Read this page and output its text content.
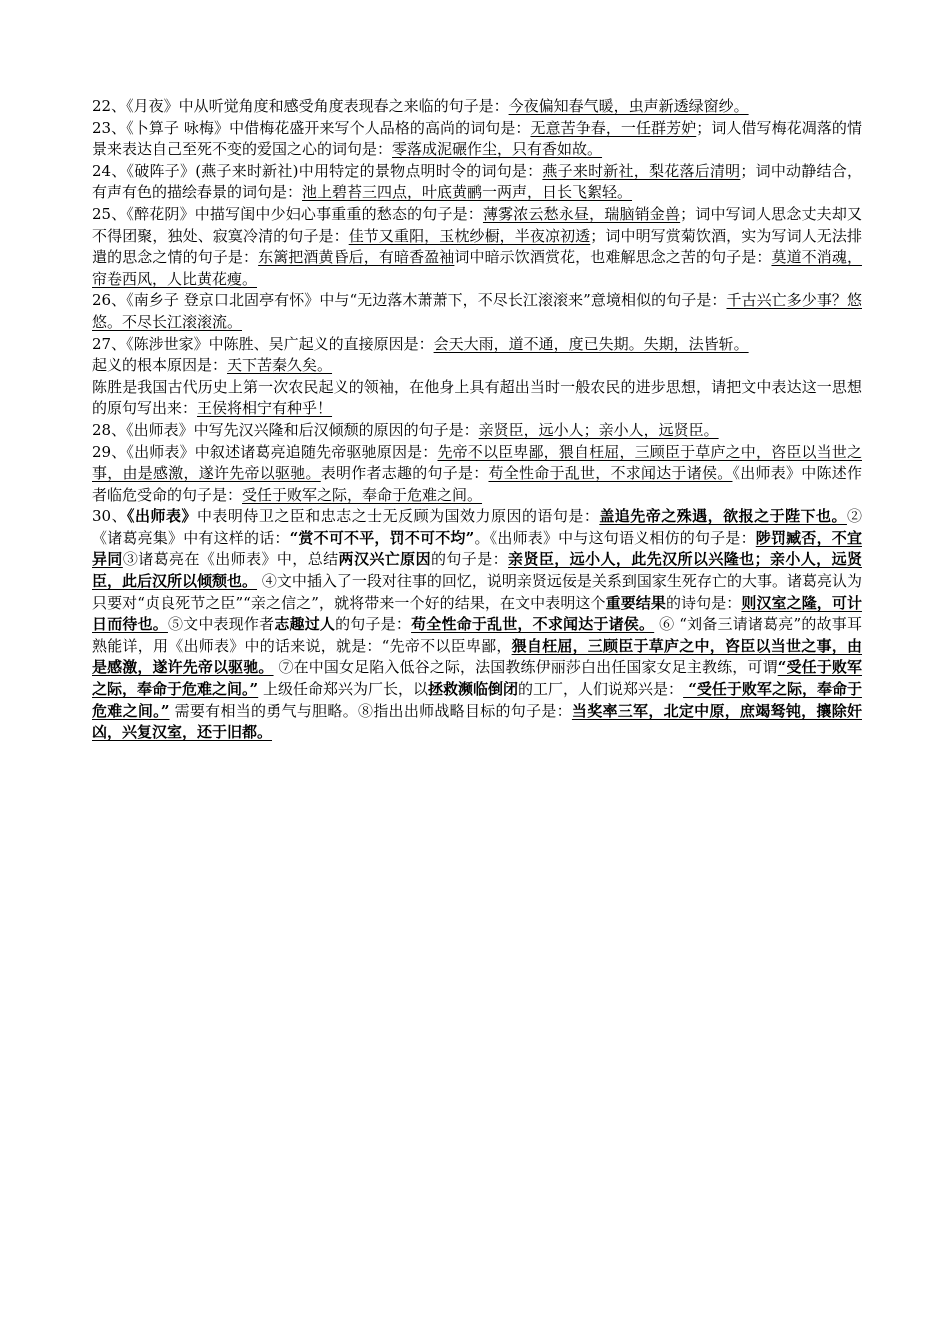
22、《月夜》中从听觉角度和感受角度表现春之来临的句子是：今夜偏知春气暖，虫声新透绿窗纱。

23、《卜算子 咏梅》中借梅花盛开来写个人品格的高尚的词句是：无意苦争春，一任群芳妒；词人借写梅花凋落的情景来表达自己至死不变的爱国之心的词句是：零落成泥碾作尘，只有香如故。

24、《破阵子》(燕子来时新社)中用特定的景物点明时令的词句是：燕子来时新社，梨花落后清明；词中动静结合，有声有色的描绘春景的词句是：池上碧苔三四点，叶底黄鹂一两声，日长飞絮轻。

25、《醉花阴》中描写闺中少妇心事重重的愁态的句子是：薄雾浓云愁永昼，瑞脑销金兽；词中写词人思念丈夫却又不得团聚，独处、寂寞冷清的句子是：佳节又重阳，玉枕纱橱，半夜凉初透；词中明写赏菊饮酒，实为写词人无法排遣的思念之情的句子是：东篱把酒黄昏后，有暗香盈袖词中暗示饮酒赏花，也难解思念之苦的句子是：莫道不消魂，帘卷西风，人比黄花瘦。

26、《南乡子 登京口北固亭有怀》中与“无边落木萧萧下，不尽长江滚滚来”意境相似的句子是：千古兴亡多少事？悠悠。不尽长江滚滚流。

27、《陈涉世家》中陈胜、吴广起义的直接原因是：会天大雨，道不通，度已失期。失期，法皆斩。
起义的根本原因是：天下苦秦久矣。
陈胜是我国古代历史上第一次农民起义的领袖，在他身上具有超出当时一般农民的进步思想，请把文中表达这一思想的原句写出来：王侯将相宁有种乎！

28、《出师表》中写先汉兴隆和后汉倾颓的原因的句子是：亲贤臣，远小人；亲小人，远贤臣。

29、《出师表》中叙述诸葛亮追随先帝驱驰原因是：先帝不以臣卑鄙，猥自枉屈，三顾臣于草庐之中，咨臣以当世之事，由是感激，遂许先帝以驱驰。表明作者志趣的句子是：苟全性命于乱世，不求闻达于诸侯。《出师表》中陈述作者临危受命的句子是：受任于败军之际，奉命于危难之间。

30、《出师表》中表明侍卫之臣和忠志之士无反顾为国效力原因的语句是：盖追先帝之殊遇，欲报之于陛下也。②《诸葛亮集》中有这样的话：“赏不可不平，罚不可不均”。《出师表》中与这句语义相仿的句子是：陟罚臧否，不宜异同③诸葛亮在《出师表》中，总结两汉兴亡原因的句子是：亲贤臣，远小人，此先汉所以兴隆也；亲小人，远贤臣，此后汉所以倾颓也。 ④文中插入了一段对往事的回忆，说明亲贤远佞是关系到国家生死存亡的大事。诸葛亮认为只要对“贞良死节之臣”“亲之信之”，就将带来一个好的结果，在文中表明这个重要结果的诗句是：则汉室之隆，可计日而待也。⑤文中表现作者志趣过人的句子是：苟全性命于乱世，不求闻达于诸侯。 ⑥ “刘备三请诸葛亮”的故事耳熟能详，用《出师表》中的话来说，就是：“先帝不以臣卑鄙，猥自枉屈，三顾臣于草庐之中，咨臣以当世之事，由是感激，遂许先帝以驱驰。 ⑦在中国女足陷入低谷之际，法国教练伊丽莎白出任国家女足主教练，可谓“受任于败军之际，奉命于危难之间。” 上级任命郑兴为厂长，以拯救濒临倒闭的工厂，人们说郑兴是： “受任于败军之际，奉命于危难之间。” 需要有相当的勇气与胆略。⑧指出出师战略目标的句子是：当奖率三军，北定中原，庶竭驽钝，攘除奸凶，兴复汉室，还于旧都。
